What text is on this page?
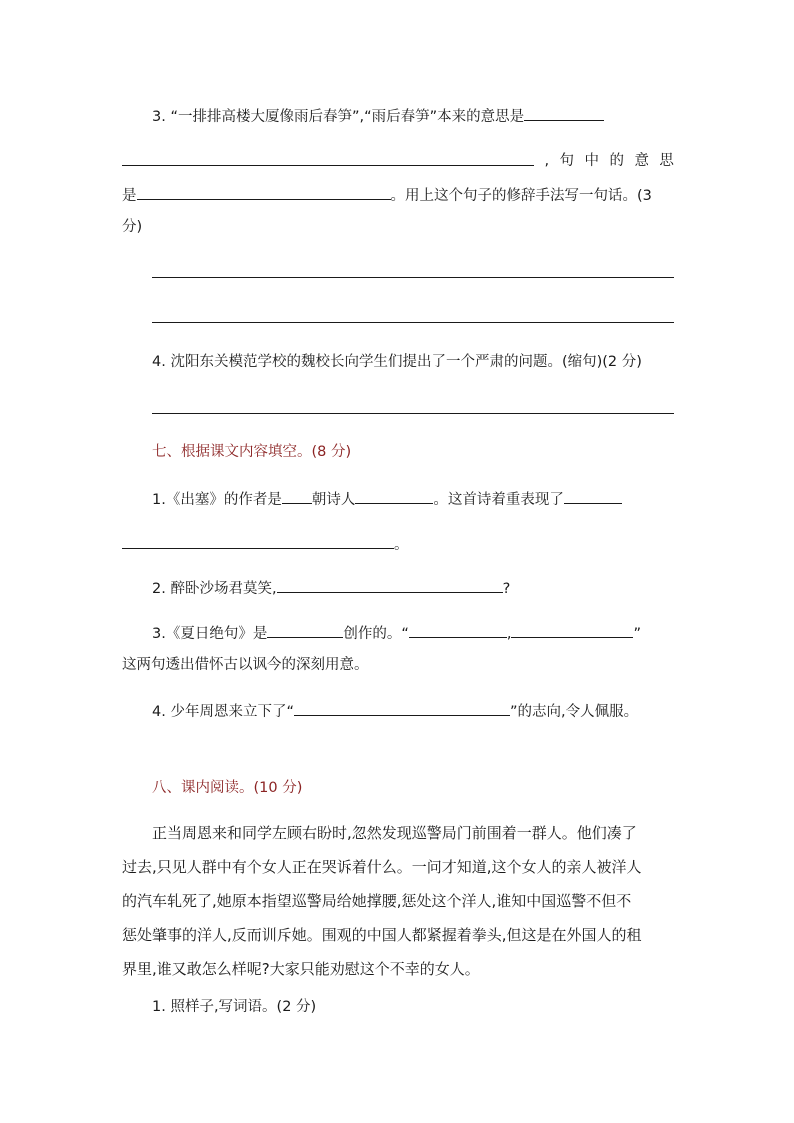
3. “一排排高楼大厦像雨后春笋”,“雨后春笋”本来的意思是
, 句 中 的 意 思
是	。用上这个句子的修辞手法写一句话。(3
分)
4. 沈阳东关模范学校的魏校长向学生们提出了一个严肃的问题。(缩句)(2 分)
七、根据课文内容填空。(8 分)
1.《出塞》的作者是 朝诗人	。这首诗着重表现了
。
2. 醉卧沙场君莫笑,	?
3.《夏日绝句》是	创作的。“	,	”
这两句透出借怀古以讽今的深刻用意。
4. 少年周恩来立下了“	”的志向,令人佩服。
八、课内阅读。(10 分)
正当周恩来和同学左顾右盼时,忽然发现巡警局门前围着一群人。他们凑了
过去,只见人群中有个女人正在哭诉着什么。一问才知道,这个女人的亲人被洋人
的汽车轧死了,她原本指望巡警局给她撑腰,惩处这个洋人,谁知中国巡警不但不
惩处肇事的洋人,反而训斥她。围观的中国人都紧握着拳头,但这是在外国人的租
界里,谁又敢怎么样呢?大家只能劝慰这个不幸的女人。
1. 照样子,写词语。(2 分)
